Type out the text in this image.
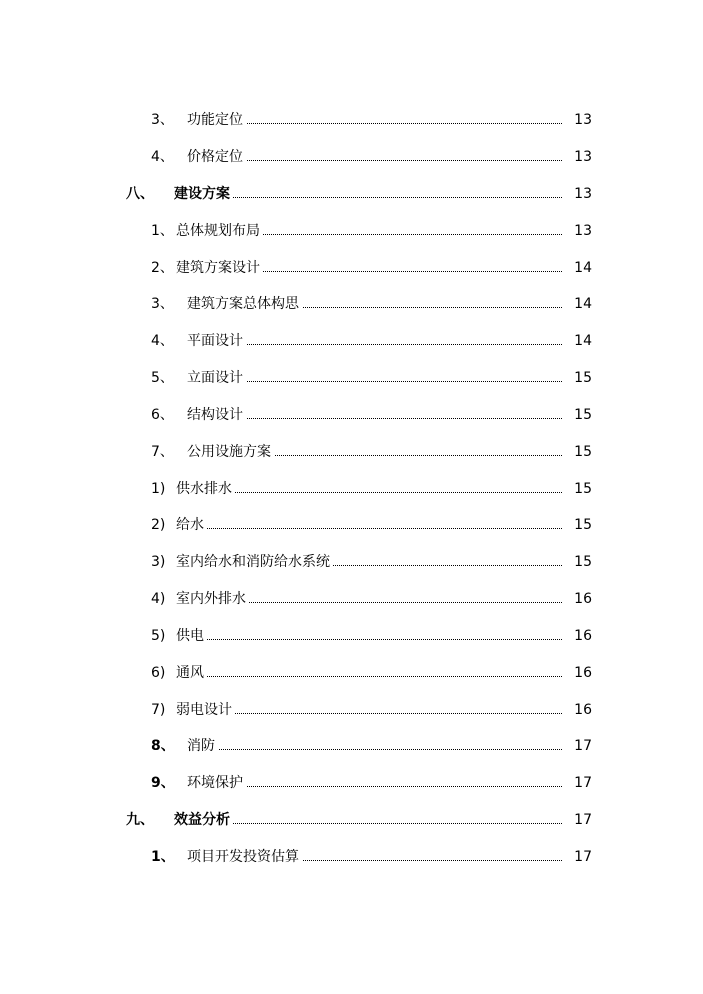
3、 功能定位	13
4、 价格定位	13
八、 建设方案	13
1、 总体规划布局	13
2、 建筑方案设计	14
3、 建筑方案总体构思	14
4、 平面设计	14
5、 立面设计	15
6、 结构设计	15
7、 公用设施方案	15
1) 供水排水	15
2) 给水	15
3) 室内给水和消防给水系统	15
4) 室内外排水	16
5) 供电	16
6) 通风	16
7) 弱电设计	16
8、 消防	17
9、 环境保护	17
九、 效益分析	17
1、 项目开发投资估算	17
